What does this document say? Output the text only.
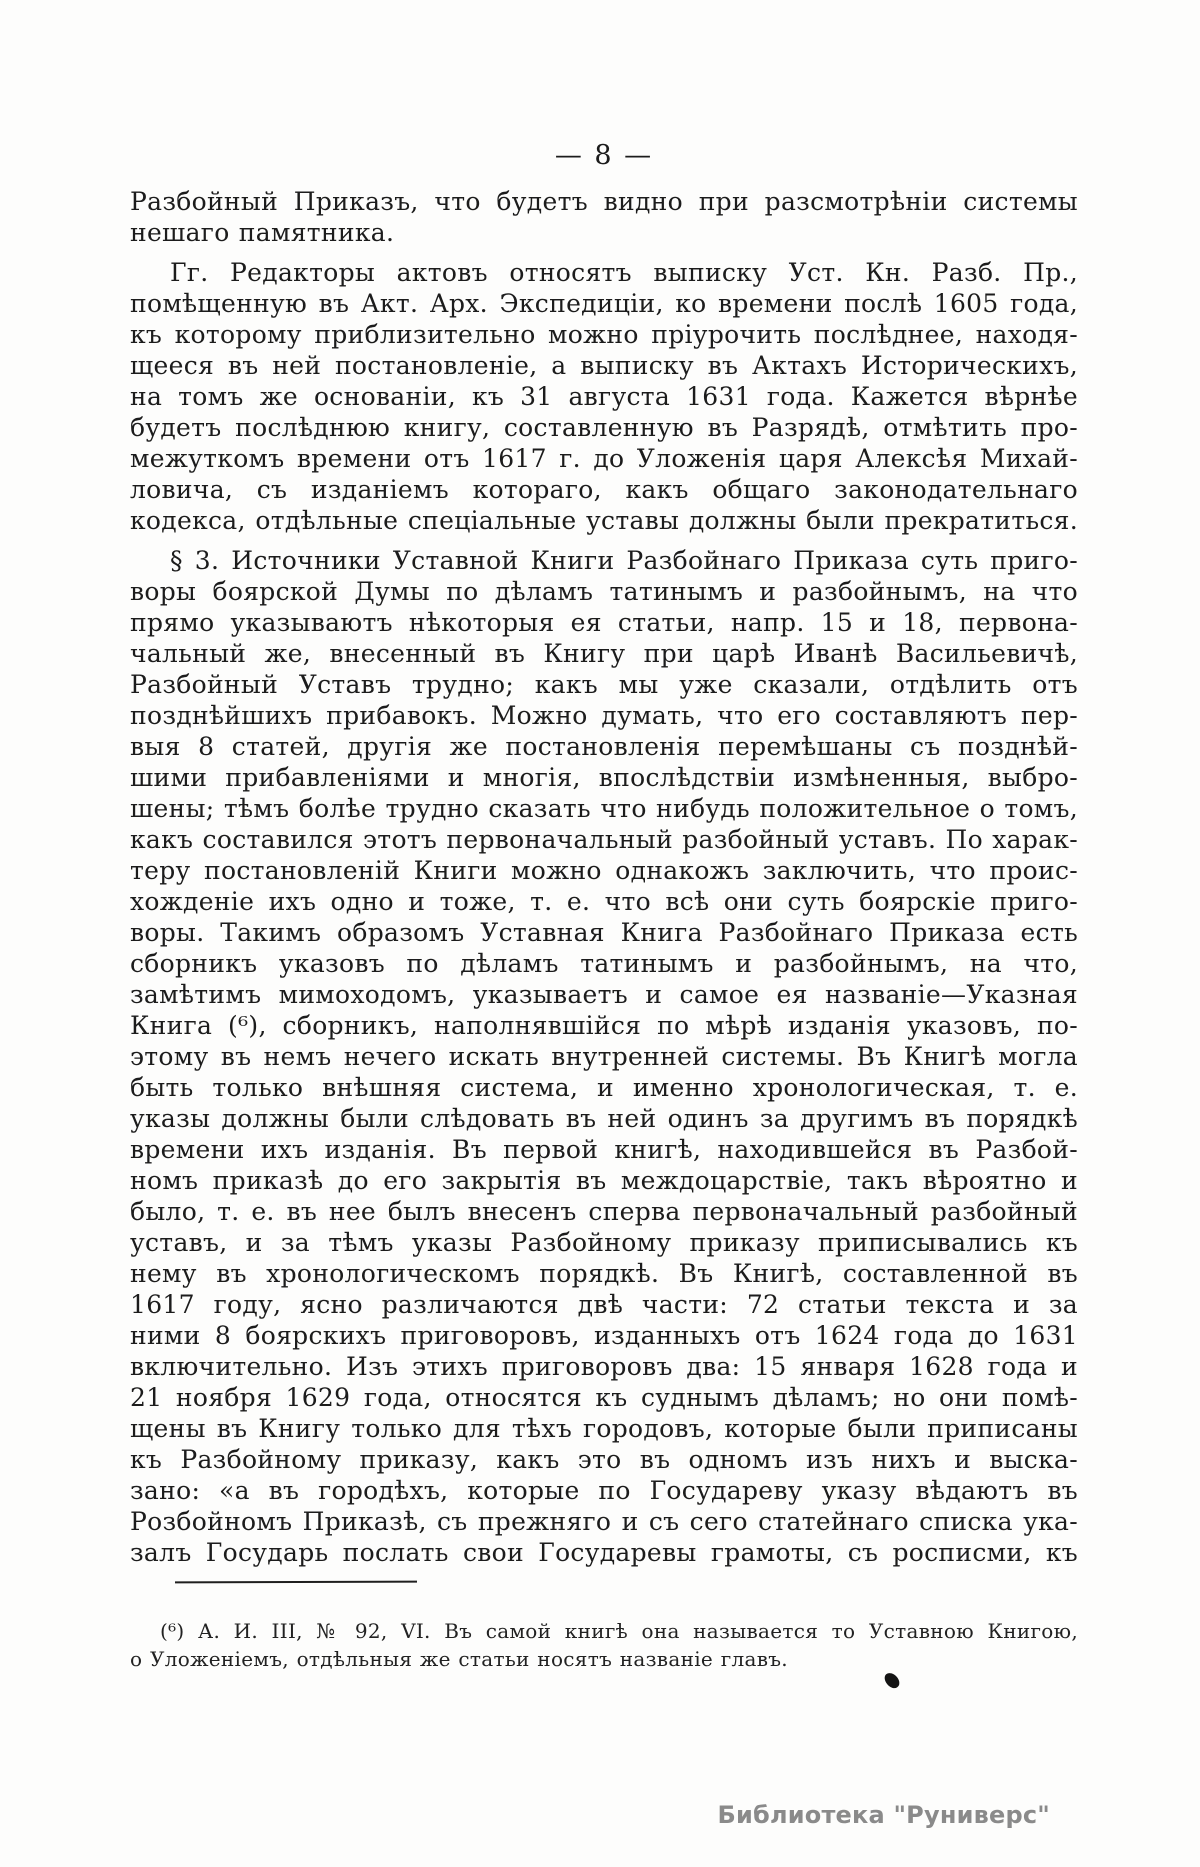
— 8 —
Разбойный Приказъ, что будетъ видно при разсмотрѣніи системы
нешаго памятника.
Гг. Редакторы актовъ относятъ выписку Уст. Кн. Разб. Пр.,
помѣщенную въ Акт. Арх. Экспедиціи, ко времени послѣ 1605 года,
къ которому приблизительно можно пріурочить послѣднее, находя-
щееся въ ней постановленіе, а выписку въ Актахъ Историческихъ,
на томъ же основаніи, къ 31 августа 1631 года. Кажется вѣрнѣе
будетъ послѣднюю книгу, составленную въ Разрядѣ, отмѣтить про-
межуткомъ времени отъ 1617 г. до Уложенія царя Алексѣя Михай-
ловича, съ изданіемъ котораго, какъ общаго законодательнаго
кодекса, отдѣльные спеціальные уставы должны были прекратиться.
§ 3. Источники Уставной Книги Разбойнаго Приказа суть приго-
воры боярской Думы по дѣламъ татинымъ и разбойнымъ, на что
прямо указываютъ нѣкоторыя ея статьи, напр. 15 и 18, первона-
чальный же, внесенный въ Книгу при царѣ Иванѣ Васильевичѣ,
Разбойный Уставъ трудно; какъ мы уже сказали, отдѣлить отъ
позднѣйшихъ прибавокъ. Можно думать, что его составляютъ пер-
выя 8 статей, другія же постановленія перемѣшаны съ позднѣй-
шими прибавленіями и многія, впослѣдствіи измѣненныя, выбро-
шены; тѣмъ болѣе трудно сказать что нибудь положительное о томъ,
какъ составился этотъ первоначальный разбойный уставъ. По харак-
теру постановленій Книги можно однакожъ заключить, что проис-
хожденіе ихъ одно и тоже, т. е. что всѣ они суть боярскіе приго-
воры. Такимъ образомъ Уставная Книга Разбойнаго Приказа есть
сборникъ указовъ по дѣламъ татинымъ и разбойнымъ, на что,
замѣтимъ мимоходомъ, указываетъ и самое ея названіе—Указная
Книга (⁶), сборникъ, наполнявшійся по мѣрѣ изданія указовъ, по-
этому въ немъ нечего искать внутренней системы. Въ Книгѣ могла
быть только внѣшняя система, и именно хронологическая, т. е.
указы должны были слѣдовать въ ней одинъ за другимъ въ порядкѣ
времени ихъ изданія. Въ первой книгѣ, находившейся въ Разбой-
номъ приказѣ до его закрытія въ междоцарствіе, такъ вѣроятно и
было, т. е. въ нее былъ внесенъ сперва первоначальный разбойный
уставъ, и за тѣмъ указы Разбойному приказу приписывались къ
нему въ хронологическомъ порядкѣ. Въ Книгѣ, составленной въ
1617 году, ясно различаются двѣ части: 72 статьи текста и за
ними 8 боярскихъ приговоровъ, изданныхъ отъ 1624 года до 1631
включительно. Изъ этихъ приговоровъ два: 15 января 1628 года и
21 ноября 1629 года, относятся къ суднымъ дѣламъ; но они помѣ-
щены въ Книгу только для тѣхъ городовъ, которые были приписаны
къ Разбойному приказу, какъ это въ одномъ изъ нихъ и выска-
зано: «а въ городѣхъ, которые по Государеву указу вѣдаютъ въ
Розбойномъ Приказѣ, съ прежняго и съ сего статейнаго списка ука-
залъ Государь послать свои Государевы грамоты, съ росписми, къ
(⁶) А. И. III, № 92, VI. Въ самой книгѣ она называется то Уставною Книгою,
о Уложеніемъ, отдѣльныя же статьи носятъ названіе главъ.
Библиотека "Руниверс"
